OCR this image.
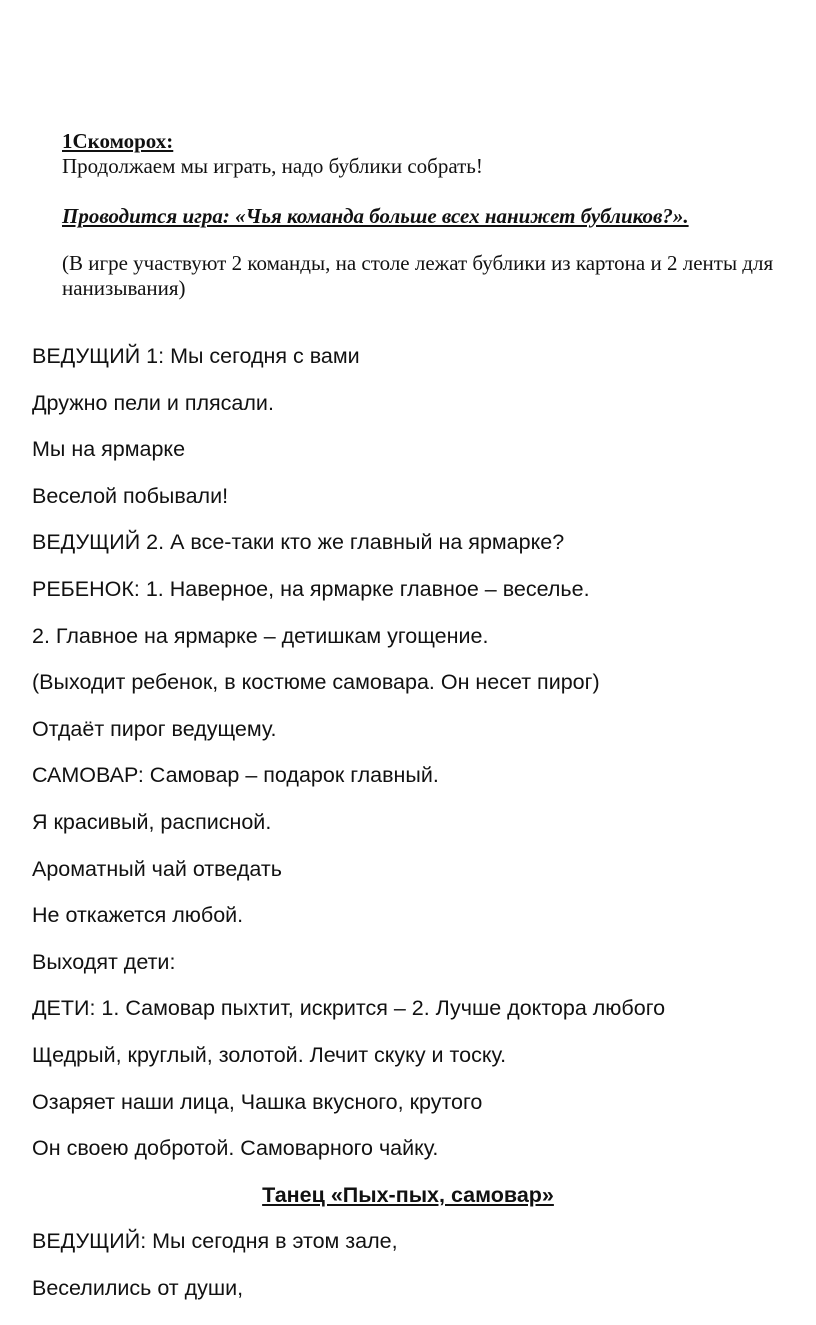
1Скоморох:
Продолжаем мы играть, надо бублики собрать!
Проводится игра: «Чья команда больше всех нанижет бубликов?».
(В игре участвуют 2 команды, на столе лежат бублики из картона и 2 ленты для нанизывания)
ВЕДУЩИЙ 1: Мы сегодня с вами
Дружно пели и плясали.
Мы на ярмарке
Веселой побывали!
ВЕДУЩИЙ 2. А все-таки кто же главный на ярмарке?
РЕБЕНОК: 1. Наверное, на ярмарке главное – веселье.
2. Главное на ярмарке – детишкам угощение.
(Выходит ребенок, в костюме самовара. Он несет пирог)
Отдаёт пирог ведущему.
САМОВАР: Самовар – подарок главный.
Я красивый, расписной.
Ароматный чай отведать
Не откажется любой.
Выходят дети:
ДЕТИ: 1. Самовар пыхтит, искрится – 2. Лучше доктора любого
Щедрый, круглый, золотой. Лечит скуку и тоску.
Озаряет наши лица, Чашка вкусного, крутого
Он своею добротой. Самоварного чайку.
Танец «Пых-пых, самовар»
ВЕДУЩИЙ: Мы сегодня в этом зале,
Веселились от души,
